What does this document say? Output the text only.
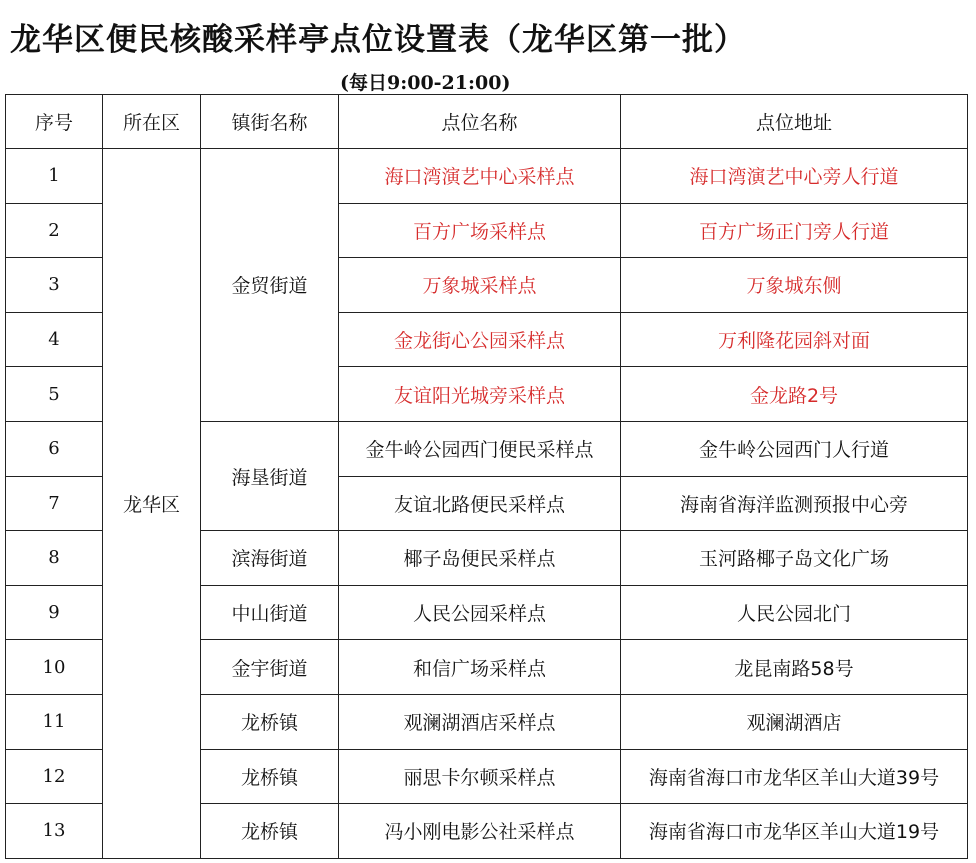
龙华区便民核酸采样亭点位设置表（龙华区第一批）
(每日9:00-21:00)
序号	所在区	镇街名称	点位名称	点位地址
1	龙华区	金贸街道	海口湾演艺中心采样点	海口湾演艺中心旁人行道
2			百方广场采样点	百方广场正门旁人行道
3			万象城采样点	万象城东侧
4			金龙街心公园采样点	万利隆花园斜对面
5			友谊阳光城旁采样点	金龙路2号
6		海垦街道	金牛岭公园西门便民采样点	金牛岭公园西门人行道
7			友谊北路便民采样点	海南省海洋监测预报中心旁
8		滨海街道	椰子岛便民采样点	玉河路椰子岛文化广场
9		中山街道	人民公园采样点	人民公园北门
10		金宇街道	和信广场采样点	龙昆南路58号
11		龙桥镇	观澜湖酒店采样点	观澜湖酒店
12		龙桥镇	丽思卡尔顿采样点	海南省海口市龙华区羊山大道39号
13		龙桥镇	冯小刚电影公社采样点	海南省海口市龙华区羊山大道19号
